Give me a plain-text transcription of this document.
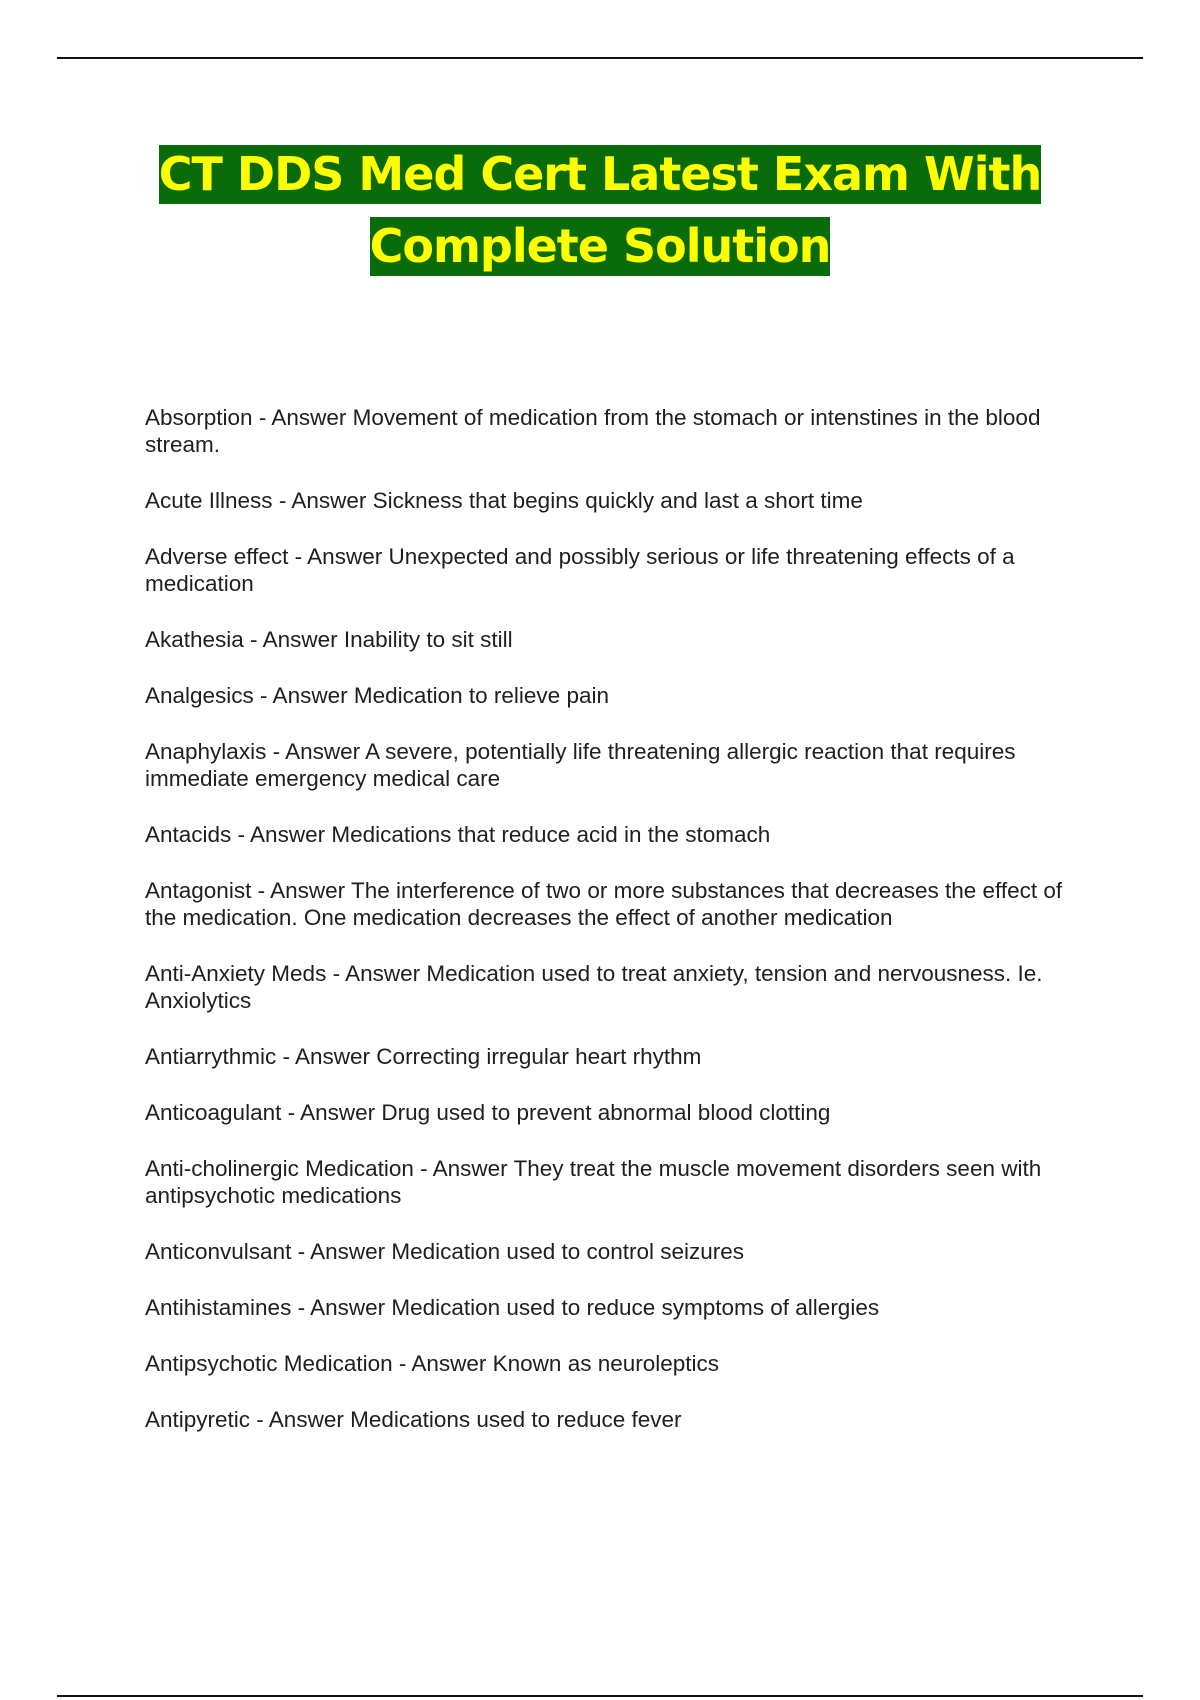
CT DDS Med Cert Latest Exam With Complete Solution

Absorption - Answer Movement of medication from the stomach or intenstines in the blood stream.

Acute Illness - Answer Sickness that begins quickly and last a short time

Adverse effect - Answer Unexpected and possibly serious or life threatening effects of a medication

Akathesia - Answer Inability to sit still

Analgesics - Answer Medication to relieve pain

Anaphylaxis - Answer A severe, potentially life threatening allergic reaction that requires immediate emergency medical care

Antacids - Answer Medications that reduce acid in the stomach

Antagonist - Answer The interference of two or more substances that decreases the effect of the medication. One medication decreases the effect of another medication

Anti-Anxiety Meds - Answer Medication used to treat anxiety, tension and nervousness. Ie. Anxiolytics

Antiarrythmic - Answer Correcting irregular heart rhythm

Anticoagulant - Answer Drug used to prevent abnormal blood clotting

Anti-cholinergic Medication - Answer They treat the muscle movement disorders seen with antipsychotic medications

Anticonvulsant - Answer Medication used to control seizures

Antihistamines - Answer Medication used to reduce symptoms of allergies

Antipsychotic Medication - Answer Known as neuroleptics

Antipyretic - Answer Medications used to reduce fever
